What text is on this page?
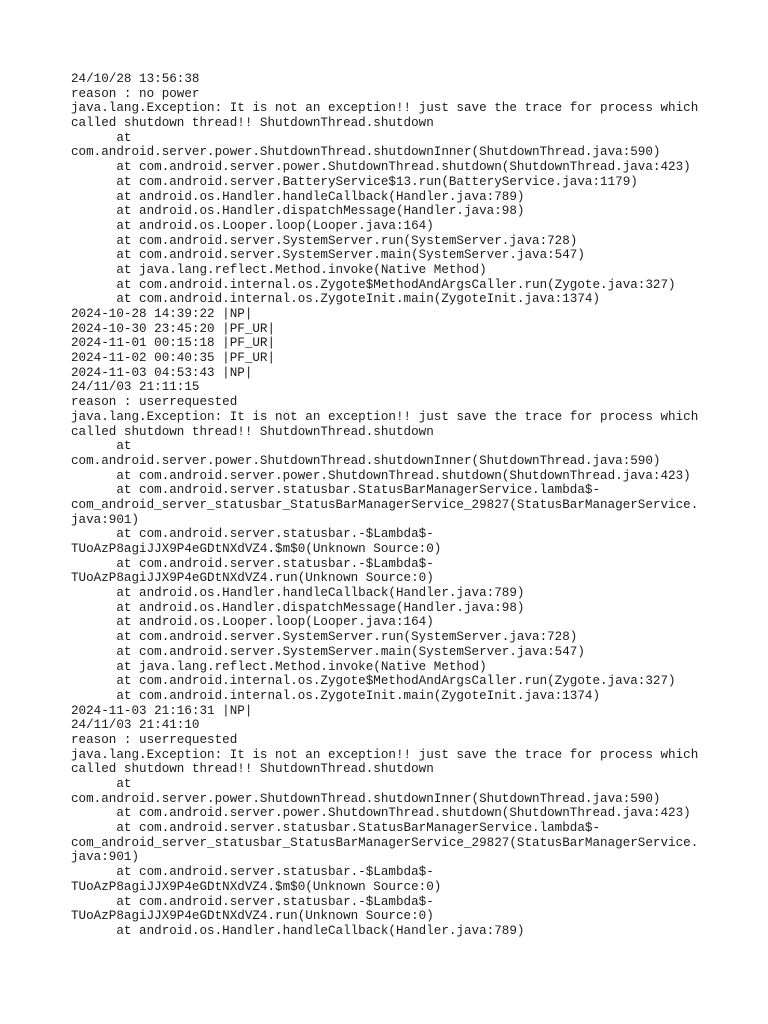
24/10/28 13:56:38
reason : no power
java.lang.Exception: It is not an exception!! just save the trace for process which
called shutdown thread!! ShutdownThread.shutdown
at
com.android.server.power.ShutdownThread.shutdownInner(ShutdownThread.java:590)
at com.android.server.power.ShutdownThread.shutdown(ShutdownThread.java:423)
at com.android.server.BatteryService$13.run(BatteryService.java:1179)
at android.os.Handler.handleCallback(Handler.java:789)
at android.os.Handler.dispatchMessage(Handler.java:98)
at android.os.Looper.loop(Looper.java:164)
at com.android.server.SystemServer.run(SystemServer.java:728)
at com.android.server.SystemServer.main(SystemServer.java:547)
at java.lang.reflect.Method.invoke(Native Method)
at com.android.internal.os.Zygote$MethodAndArgsCaller.run(Zygote.java:327)
at com.android.internal.os.ZygoteInit.main(ZygoteInit.java:1374)
2024-10-28 14:39:22 |NP|
2024-10-30 23:45:20 |PF_UR|
2024-11-01 00:15:18 |PF_UR|
2024-11-02 00:40:35 |PF_UR|
2024-11-03 04:53:43 |NP|
24/11/03 21:11:15
reason : userrequested
java.lang.Exception: It is not an exception!! just save the trace for process which
called shutdown thread!! ShutdownThread.shutdown
at
com.android.server.power.ShutdownThread.shutdownInner(ShutdownThread.java:590)
at com.android.server.power.ShutdownThread.shutdown(ShutdownThread.java:423)
at com.android.server.statusbar.StatusBarManagerService.lambda$-
com_android_server_statusbar_StatusBarManagerService_29827(StatusBarManagerService.
java:901)
at com.android.server.statusbar.-$Lambda$-
TUoAzP8agiJJX9P4eGDtNXdVZ4.$m$0(Unknown Source:0)
at com.android.server.statusbar.-$Lambda$-
TUoAzP8agiJJX9P4eGDtNXdVZ4.run(Unknown Source:0)
at android.os.Handler.handleCallback(Handler.java:789)
at android.os.Handler.dispatchMessage(Handler.java:98)
at android.os.Looper.loop(Looper.java:164)
at com.android.server.SystemServer.run(SystemServer.java:728)
at com.android.server.SystemServer.main(SystemServer.java:547)
at java.lang.reflect.Method.invoke(Native Method)
at com.android.internal.os.Zygote$MethodAndArgsCaller.run(Zygote.java:327)
at com.android.internal.os.ZygoteInit.main(ZygoteInit.java:1374)
2024-11-03 21:16:31 |NP|
24/11/03 21:41:10
reason : userrequested
java.lang.Exception: It is not an exception!! just save the trace for process which
called shutdown thread!! ShutdownThread.shutdown
at
com.android.server.power.ShutdownThread.shutdownInner(ShutdownThread.java:590)
at com.android.server.power.ShutdownThread.shutdown(ShutdownThread.java:423)
at com.android.server.statusbar.StatusBarManagerService.lambda$-
com_android_server_statusbar_StatusBarManagerService_29827(StatusBarManagerService.
java:901)
at com.android.server.statusbar.-$Lambda$-
TUoAzP8agiJJX9P4eGDtNXdVZ4.$m$0(Unknown Source:0)
at com.android.server.statusbar.-$Lambda$-
TUoAzP8agiJJX9P4eGDtNXdVZ4.run(Unknown Source:0)
at android.os.Handler.handleCallback(Handler.java:789)
